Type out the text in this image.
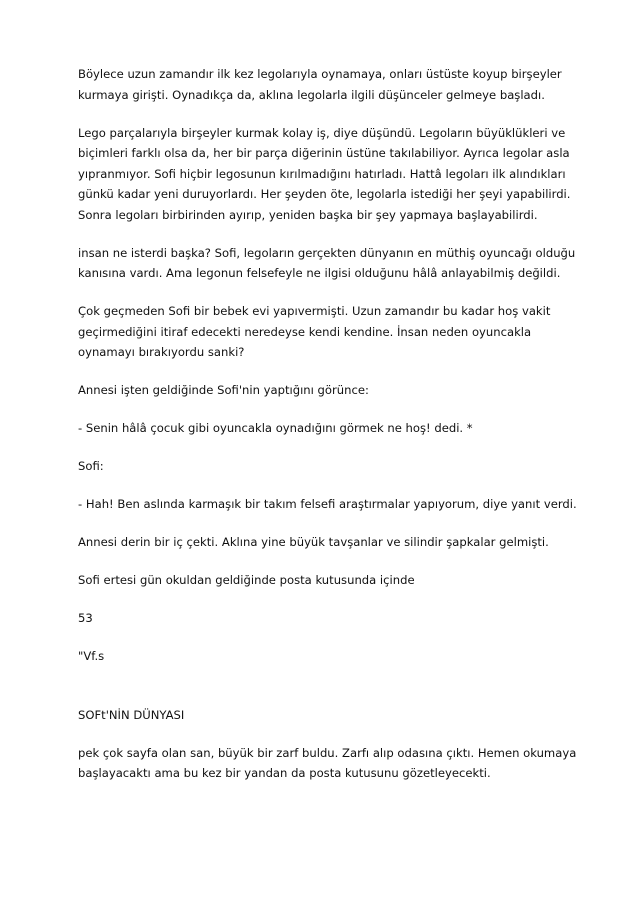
Böylece uzun zamandır ilk kez legolarıyla oynamaya, onları üstüste koyup birşeyler kurmaya girişti. Oynadıkça da, aklına legolarla ilgili düşünceler gelmeye başladı.

Lego parçalarıyla birşeyler kurmak kolay iş, diye düşündü. Legoların büyüklükleri ve biçimleri farklı olsa da, her bir parça diğerinin üstüne takılabiliyor. Ayrıca legolar asla yıpranmıyor. Sofi hiçbir legosunun kırılmadığını hatırladı. Hattâ legoları ilk alındıkları günkü kadar yeni duruyorlardı. Her şeyden öte, legolarla istediği her şeyi yapabilirdi. Sonra legoları birbirinden ayırıp, yeniden başka bir şey yapmaya başlayabilirdi.

insan ne isterdi başka? Sofi, legoların gerçekten dünyanın en müthiş oyuncağı olduğu kanısına vardı. Ama legonun felsefeyle ne ilgisi olduğunu hâlâ anlayabilmiş değildi.

Çok geçmeden Sofi bir bebek evi yapıvermişti. Uzun zamandır bu kadar hoş vakit geçirmediğini itiraf edecekti neredeyse kendi kendine. İnsan neden oyuncakla oynamayı bırakıyordu sanki?

Annesi işten geldiğinde Sofi'nin yaptığını görünce:

- Senin hâlâ çocuk gibi oyuncakla oynadığını görmek ne hoş! dedi. *

Sofi:

- Hah! Ben aslında karmaşık bir takım felsefi araştırmalar yapıyorum, diye yanıt verdi.

Annesi derin bir iç çekti. Aklına yine büyük tavşanlar ve silindir şapkalar gelmişti.

Sofi ertesi gün okuldan geldiğinde posta kutusunda içinde

53

"Vf.s

SOFt'NİN DÜNYASI

pek çok sayfa olan san, büyük bir zarf buldu. Zarfı alıp odasına çıktı. Hemen okumaya başlayacaktı ama bu kez bir yandan da posta kutusunu gözetleyecekti.
